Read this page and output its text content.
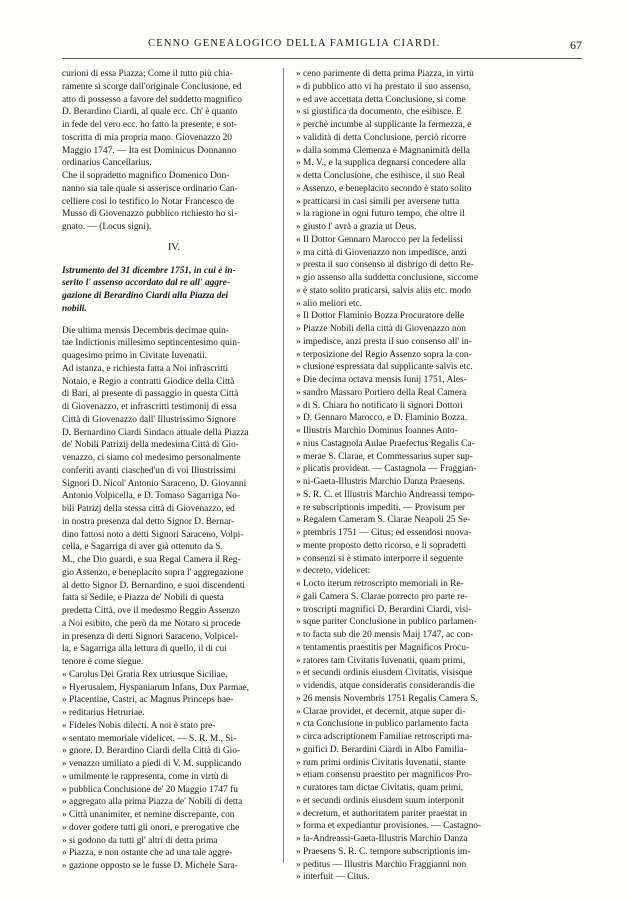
CENNO GENEALOGICO DELLA FAMIGLIA CIARDI.	67
curioni di essa Piazza; Come il tutto più chia-
ramente si scorge dall'originale Conclusione, ed
atto di possesso a favore del suddetto magnifico
D. Berardino Ciardi, al quale ecc. Ch' è quanto
in fede del vero ecc. ho fatto la presente, e sot-
toscritta di mia propria mano. Giovenazzo 20
Maggio 1747. — Ita est Dominicus Donnanno
ordinarius Cancellarius.
Che il sopradetto magnifico Domenico Don-
nanno sia tale quale si asserisce ordinario Can-
celliere così lo testifico lo Notar Francesco de
Musso di Giovenazzo pubblico richiesto ho si-
gnato. — (Locus signi).
IV.
Istrumento del 31 dicembre 1751, in cui è in-
serito l' assenso accordato dal re all' aggre-
gazione di Berardino Ciardi alla Piazza dei
nobili.
Die ultima mensis Decembris decimae quin-
tae Indictionis millesimo septincentesimo quin-
quagesimo primo in Civitate Iuvenatii.
Ad istanza, e richiesta fatta a Noi infrascritti
Notaio, e Regio a contratti Giodice della Città
di Bari, al presente di passaggio in questa Città
di Giovenazzo, et infrascritti testimonij di essa
Città di Giovenazzo dall' Illustrissimo Signore
D. Bernardino Ciardi Sindaco attuale della Piazza
de' Nobili Patrizij della medesima Città di Gio-
venazzo, ci siamo col medesimo personalmente
conferiti avanti ciasched'un di voi Illustrissimi
Signori D. Nicol' Antonio Saraceno, D. Giovanni
Antonio Volpicella, e D. Tomaso Sagarriga No-
bili Patrizj della stessa città di Giovenazzo, ed
in nostra presenza dal detto Signor D. Bernar-
dino fattosi noto a detti Signori Saraceno, Volpi-
cella, e Sagarriga di aver già ottenuto da S.
M., che Dio guardi, e sua Regal Camera il Reg-
gio Assenzo, e beneplacito sopra l' aggregazione
al detto Signor D. Bernardino, e suoi discendenti
fatta si Sedile, e Piazza de' Nobili di questa
predetta Città, ove il medesmo Reggio Assenzo
a Noi esibito, che però da me Notaro si procede
in presenza di detti Signori Saraceno, Volpicel-
la, e Sagarriga alla lettura di quello, il di cui
tenore è come siegue.
« Carolus Dei Gratia Rex utriusque Siciliae,
» Hyerusalem, Hyspaniarum Infans, Dux Parmae,
» Placentiae, Castri, ac Magnus Princeps hae-
» reditarius Hetruriae.
« Fideles Nobis dilecti. A noi è stato pre-
» sentato memoriale videlicet. — S. R. M., Si-
» gnore. D. Berardino Ciardi della Città di Gio-
» venazzo umiliato a piedi di V. M. supplicando
» umilmente le rappresenta, come in virtù di
» pubblica Conclusione de' 20 Maggio 1747 fu
» aggregato alla prima Piazza de' Nobili di detta
» Città unanimiter, et nemine discrepante, con
» dover godere tutti gli onori, e prerogative che
» si godono da tutti gl' altri di detta prima
» Piazza, e non ostante che ad una tale aggre-
» gazione opposto se le fusse D. Michele Sara-
» ceno parimente di detta prima Piazza, in virtù
» di pubblico atto vi ha prestato il suo assenso,
» ed ave accettata detta Conclusione, si come
» si giustifica da documento, che esibisce. E
» perchè incumbe al supplicante la fermezza, e
» validità di detta Conclusione, perciò ricorre
» dalla somma Clemenza e Magnanimità della
» M. V., e la supplica degnarsi concedere alla
» detta Conclusione, che esibisce, il suo Real
» Assenzo, e beneplacito secondo è stato solito
» pratticarsi in casi simili per aversene tutta
» la ragione in ogni futuro tempo, che oltre il
» giusto l' avrà a grazia ut Deus.
« Il Dottor Gennaro Marocco per la fedelissi
» ma città di Giovenazzo non impedisce, anzi
» presta il suo consenso al disbrigo di detto Re-
» gio assenso alla suddetta conclusione, siccome
» è stato solito praticarsi, salvis aliis etc. modo
» alio meliori etc.
« Il Dottor Flaminio Bozza Procuratore delle
» Piazze Nobili della città di Giovenazzo non
» impedisce, anzi presta il suo consenso all' in-
» terposizione del Regio Assenzo sopra la con-
» clusione espressata dal supplicante salvis etc.
« Die decima octava mensis Iunij 1751, Ales-
» sandro Massaro Portiero della Real Camera
» di S. Chiara ho notificato li signori Dottori
» D. Gennaro Marocco, e D. Flaminio Bozza.
« Illustris Marchio Dominus Ioannes Anto-
» nius Castagnola Aulae Praefectus Regalis Ca-
» merae S. Clarae, et Commessarius super sup-
» plicatis provideat. — Castagnola — Fraggian-
» ni-Gaeta-Illustris Marchio Danza Praesens.
» S. R. C. et Illustris Marchio Andreassi tempo-
» re subscriptionis impediti. — Provisum per
» Regalem Cameram S. Clarae Neapoli 25 Se-
» ptembris 1751 — Citus; ed essendosi nuova-
» mente proposto detto ricorso, e li sopradetti
» consenzi si è stimato interporre il seguente
» decreto, videlicet:
« Locto iterum retroscripto memoriali in Re-
» gali Camera S. Clarae porrecto pro parte re-
» troscripti magnifici D. Berardini Ciardi, visi-
» sque pariter Conclusione in publico parlamen-
» to facta sub die 20 mensis Maij 1747, ac con-
» tentamentis praestitis per Magnificos Procu-
» ratores tam Civitatis Iuvenatii, quam primi,
» et secundi ordinis eiusdem Civitatis, visisque
» videndis, atque consideratis considerandis die
» 26 mensis Novembris 1751 Regalis Camera S.
» Clarae providet, et decernit, atque super di-
» cta Conclusione in publico parlamento facta
» circa adscriptionem Familiae retroscripti ma-
» gnifici D. Berardini Ciardi in Albo Familia-
» rum primi ordinis Civitatis Iuvenatii, stante
» etiam consensu praestito per magnificos Pro-
» curatores tam dictae Civitatis, quam primi,
» et secundi ordinis eiusdem suum interponit
» decretum, et authoritatem pariter praestat in
» forma et expediantur provisiones. — Castagno-
» la-Andreassi-Gaeta-Illustris Marchio Danza
» Praesens S. R. C. tempore subscriptionis im-
» peditus — Illustris Marchio Fraggianni non
» interfuit — Citus.
